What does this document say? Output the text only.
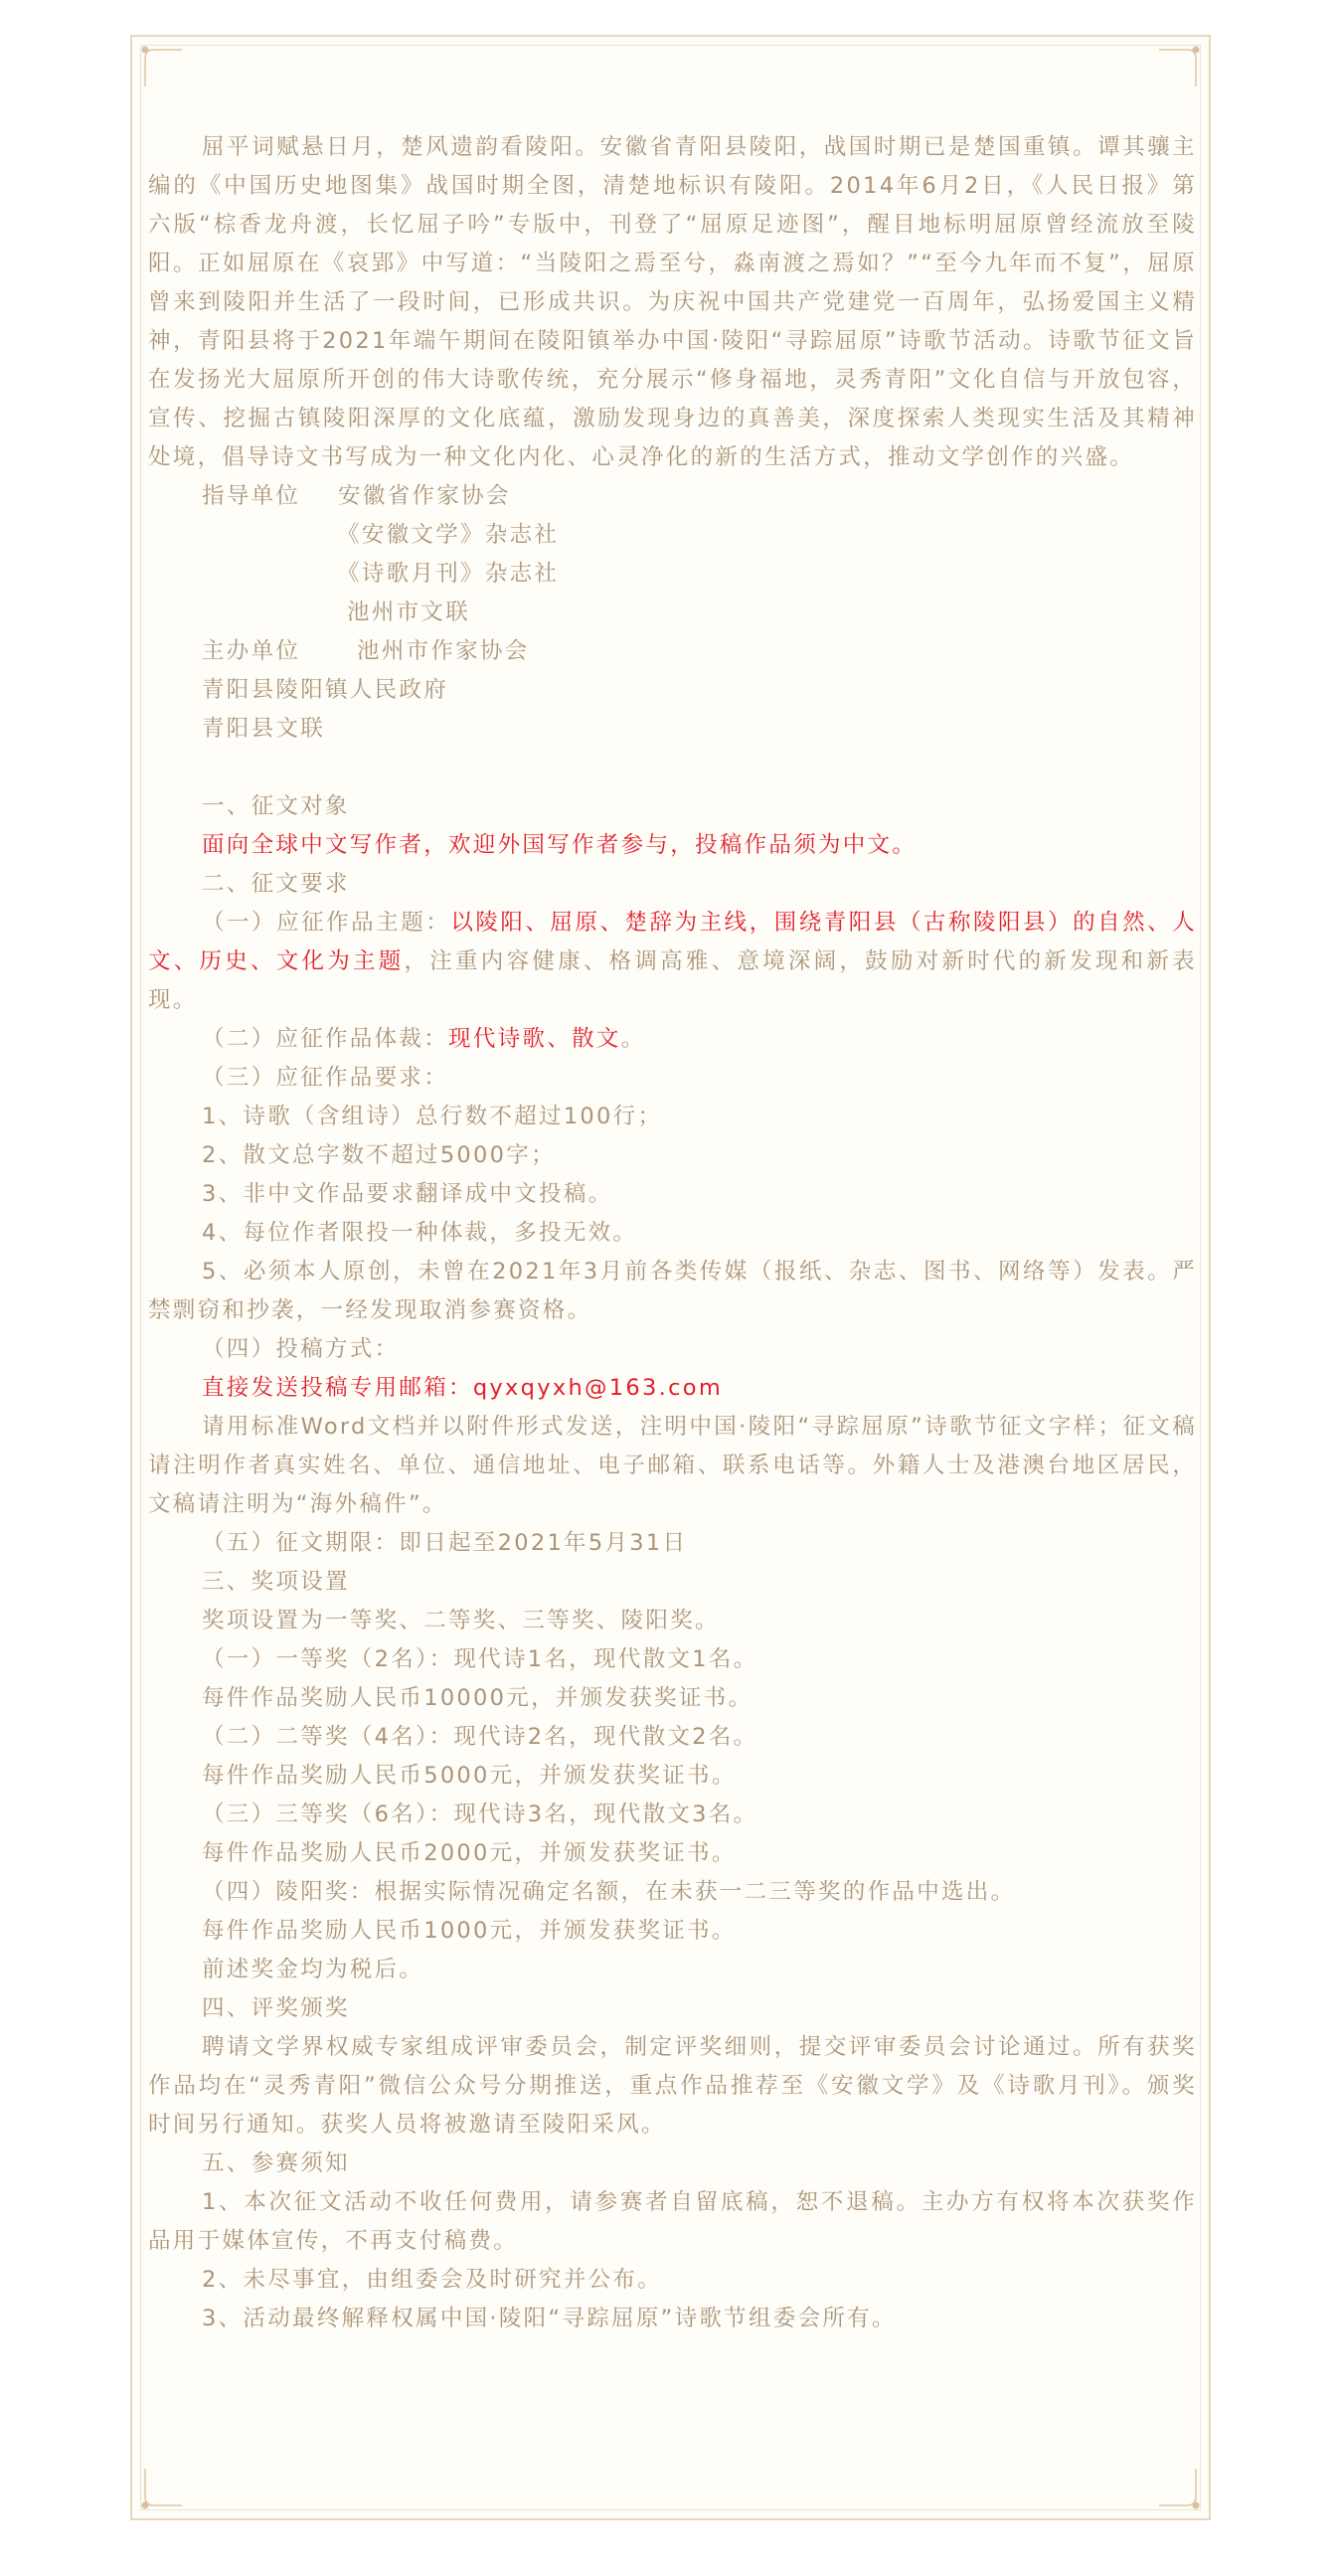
屈平词赋悬日月，楚风遗韵看陵阳。安徽省青阳县陵阳，战国时期已是楚国重镇。谭其骧主编的《中国历史地图集》战国时期全图，清楚地标识有陵阳。2014年6月2日，《人民日报》第六版“棕香龙舟渡，长忆屈子吟”专版中，刊登了“屈原足迹图”，醒目地标明屈原曾经流放至陵阳。正如屈原在《哀郢》中写道：“当陵阳之焉至兮，淼南渡之焉如？”“至今九年而不复”，屈原曾来到陵阳并生活了一段时间，已形成共识。为庆祝中国共产党建党一百周年，弘扬爱国主义精神，青阳县将于2021年端午期间在陵阳镇举办中国·陵阳“寻踪屈原”诗歌节活动。诗歌节征文旨在发扬光大屈原所开创的伟大诗歌传统，充分展示“修身福地，灵秀青阳”文化自信与开放包容，宣传、挖掘古镇陵阳深厚的文化底蕴，激励发现身边的真善美，深度探索人类现实生活及其精神处境，倡导诗文书写成为一种文化内化、心灵净化的新的生活方式，推动文学创作的兴盛。

指导单位 安徽省作家协会

《安徽文学》杂志社

《诗歌月刊》杂志社

池州市文联

主办单位	池州市作家协会

青阳县陵阳镇人民政府

青阳县文联

一、征文对象

面向全球中文写作者，欢迎外国写作者参与，投稿作品须为中文。

二、征文要求

（一）应征作品主题：以陵阳、屈原、楚辞为主线，围绕青阳县（古称陵阳县）的自然、人文、历史、文化为主题，注重内容健康、格调高雅、意境深阔，鼓励对新时代的新发现和新表现。

（二）应征作品体裁：现代诗歌、散文。

（三）应征作品要求：

1、诗歌（含组诗）总行数不超过100行；

2、散文总字数不超过5000字；

3、非中文作品要求翻译成中文投稿。

4、每位作者限投一种体裁，多投无效。

5、必须本人原创，未曾在2021年3月前各类传媒（报纸、杂志、图书、网络等）发表。严禁剽窃和抄袭，一经发现取消参赛资格。

（四）投稿方式：

直接发送投稿专用邮箱：qyxqyxh@163.com

请用标准Word文档并以附件形式发送，注明中国·陵阳“寻踪屈原”诗歌节征文字样；征文稿请注明作者真实姓名、单位、通信地址、电子邮箱、联系电话等。外籍人士及港澳台地区居民，文稿请注明为“海外稿件”。

（五）征文期限：即日起至2021年5月31日

三、奖项设置

奖项设置为一等奖、二等奖、三等奖、陵阳奖。

（一）一等奖（2名）：现代诗1名，现代散文1名。

每件作品奖励人民币10000元，并颁发获奖证书。

（二）二等奖（4名）：现代诗2名，现代散文2名。

每件作品奖励人民币5000元，并颁发获奖证书。

（三）三等奖（6名）：现代诗3名，现代散文3名。

每件作品奖励人民币2000元，并颁发获奖证书。

（四）陵阳奖：根据实际情况确定名额，在未获一二三等奖的作品中选出。

每件作品奖励人民币1000元，并颁发获奖证书。

前述奖金均为税后。

四、评奖颁奖

聘请文学界权威专家组成评审委员会，制定评奖细则，提交评审委员会讨论通过。所有获奖作品均在“灵秀青阳”微信公众号分期推送，重点作品推荐至《安徽文学》及《诗歌月刊》。颁奖时间另行通知。获奖人员将被邀请至陵阳采风。

五、参赛须知

1、本次征文活动不收任何费用，请参赛者自留底稿，恕不退稿。主办方有权将本次获奖作品用于媒体宣传，不再支付稿费。

2、未尽事宜，由组委会及时研究并公布。

3、活动最终解释权属中国·陵阳“寻踪屈原”诗歌节组委会所有。
